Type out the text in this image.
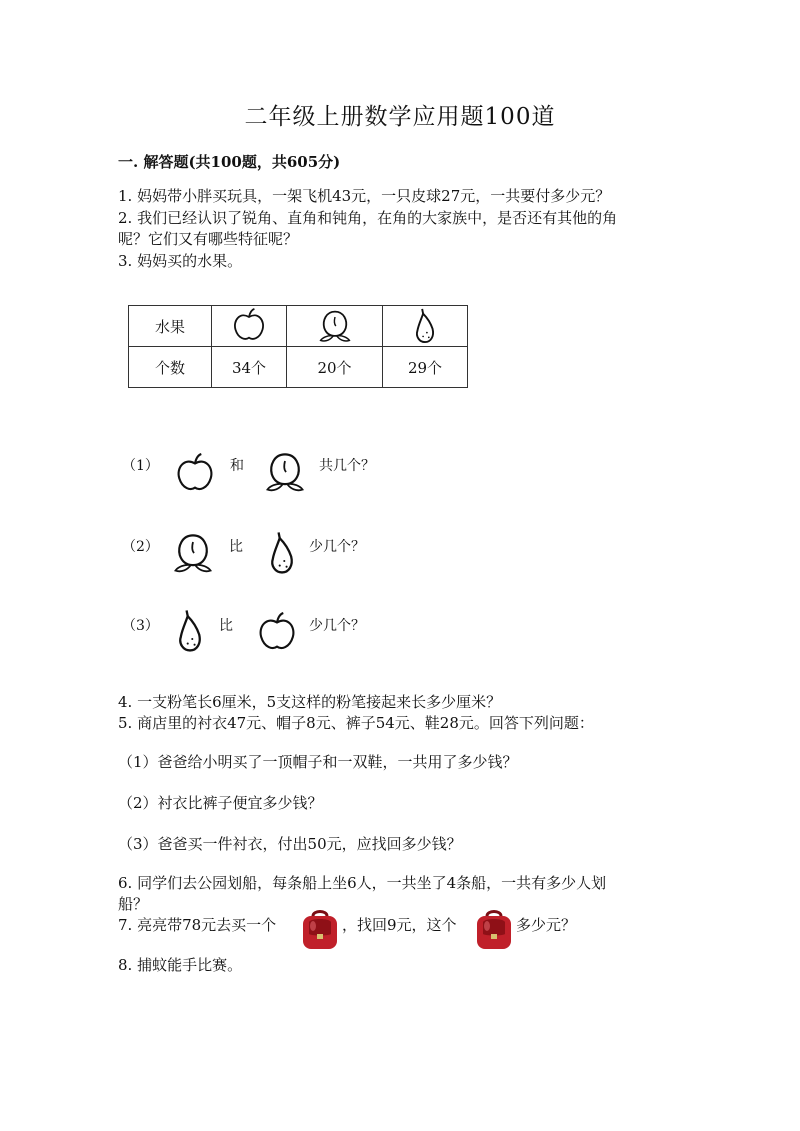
二年级上册数学应用题100道
一. 解答题(共100题，共605分)
1. 妈妈带小胖买玩具，一架飞机43元，一只皮球27元，一共要付多少元？
2. 我们已经认识了锐角、直角和钝角，在角的大家族中，是否还有其他的角
呢？它们又有哪些特征呢？
3. 妈妈买的水果。
水果			
个数	34个	20个	29个
（1）	和	共几个？
（2）	比	少几个？
（3）	比	少几个？
4. 一支粉笔长6厘米，5支这样的粉笔接起来长多少厘米？
5. 商店里的衬衣47元、帽子8元、裤子54元、鞋28元。回答下列问题：
（1）爸爸给小明买了一顶帽子和一双鞋，一共用了多少钱？
（2）衬衣比裤子便宜多少钱？
（3）爸爸买一件衬衣，付出50元，应找回多少钱？
6. 同学们去公园划船，每条船上坐6人，一共坐了4条船，一共有多少人划
船？
7. 亮亮带78元去买一个	，找回9元，这个	多少元？
8. 捕蚊能手比赛。
